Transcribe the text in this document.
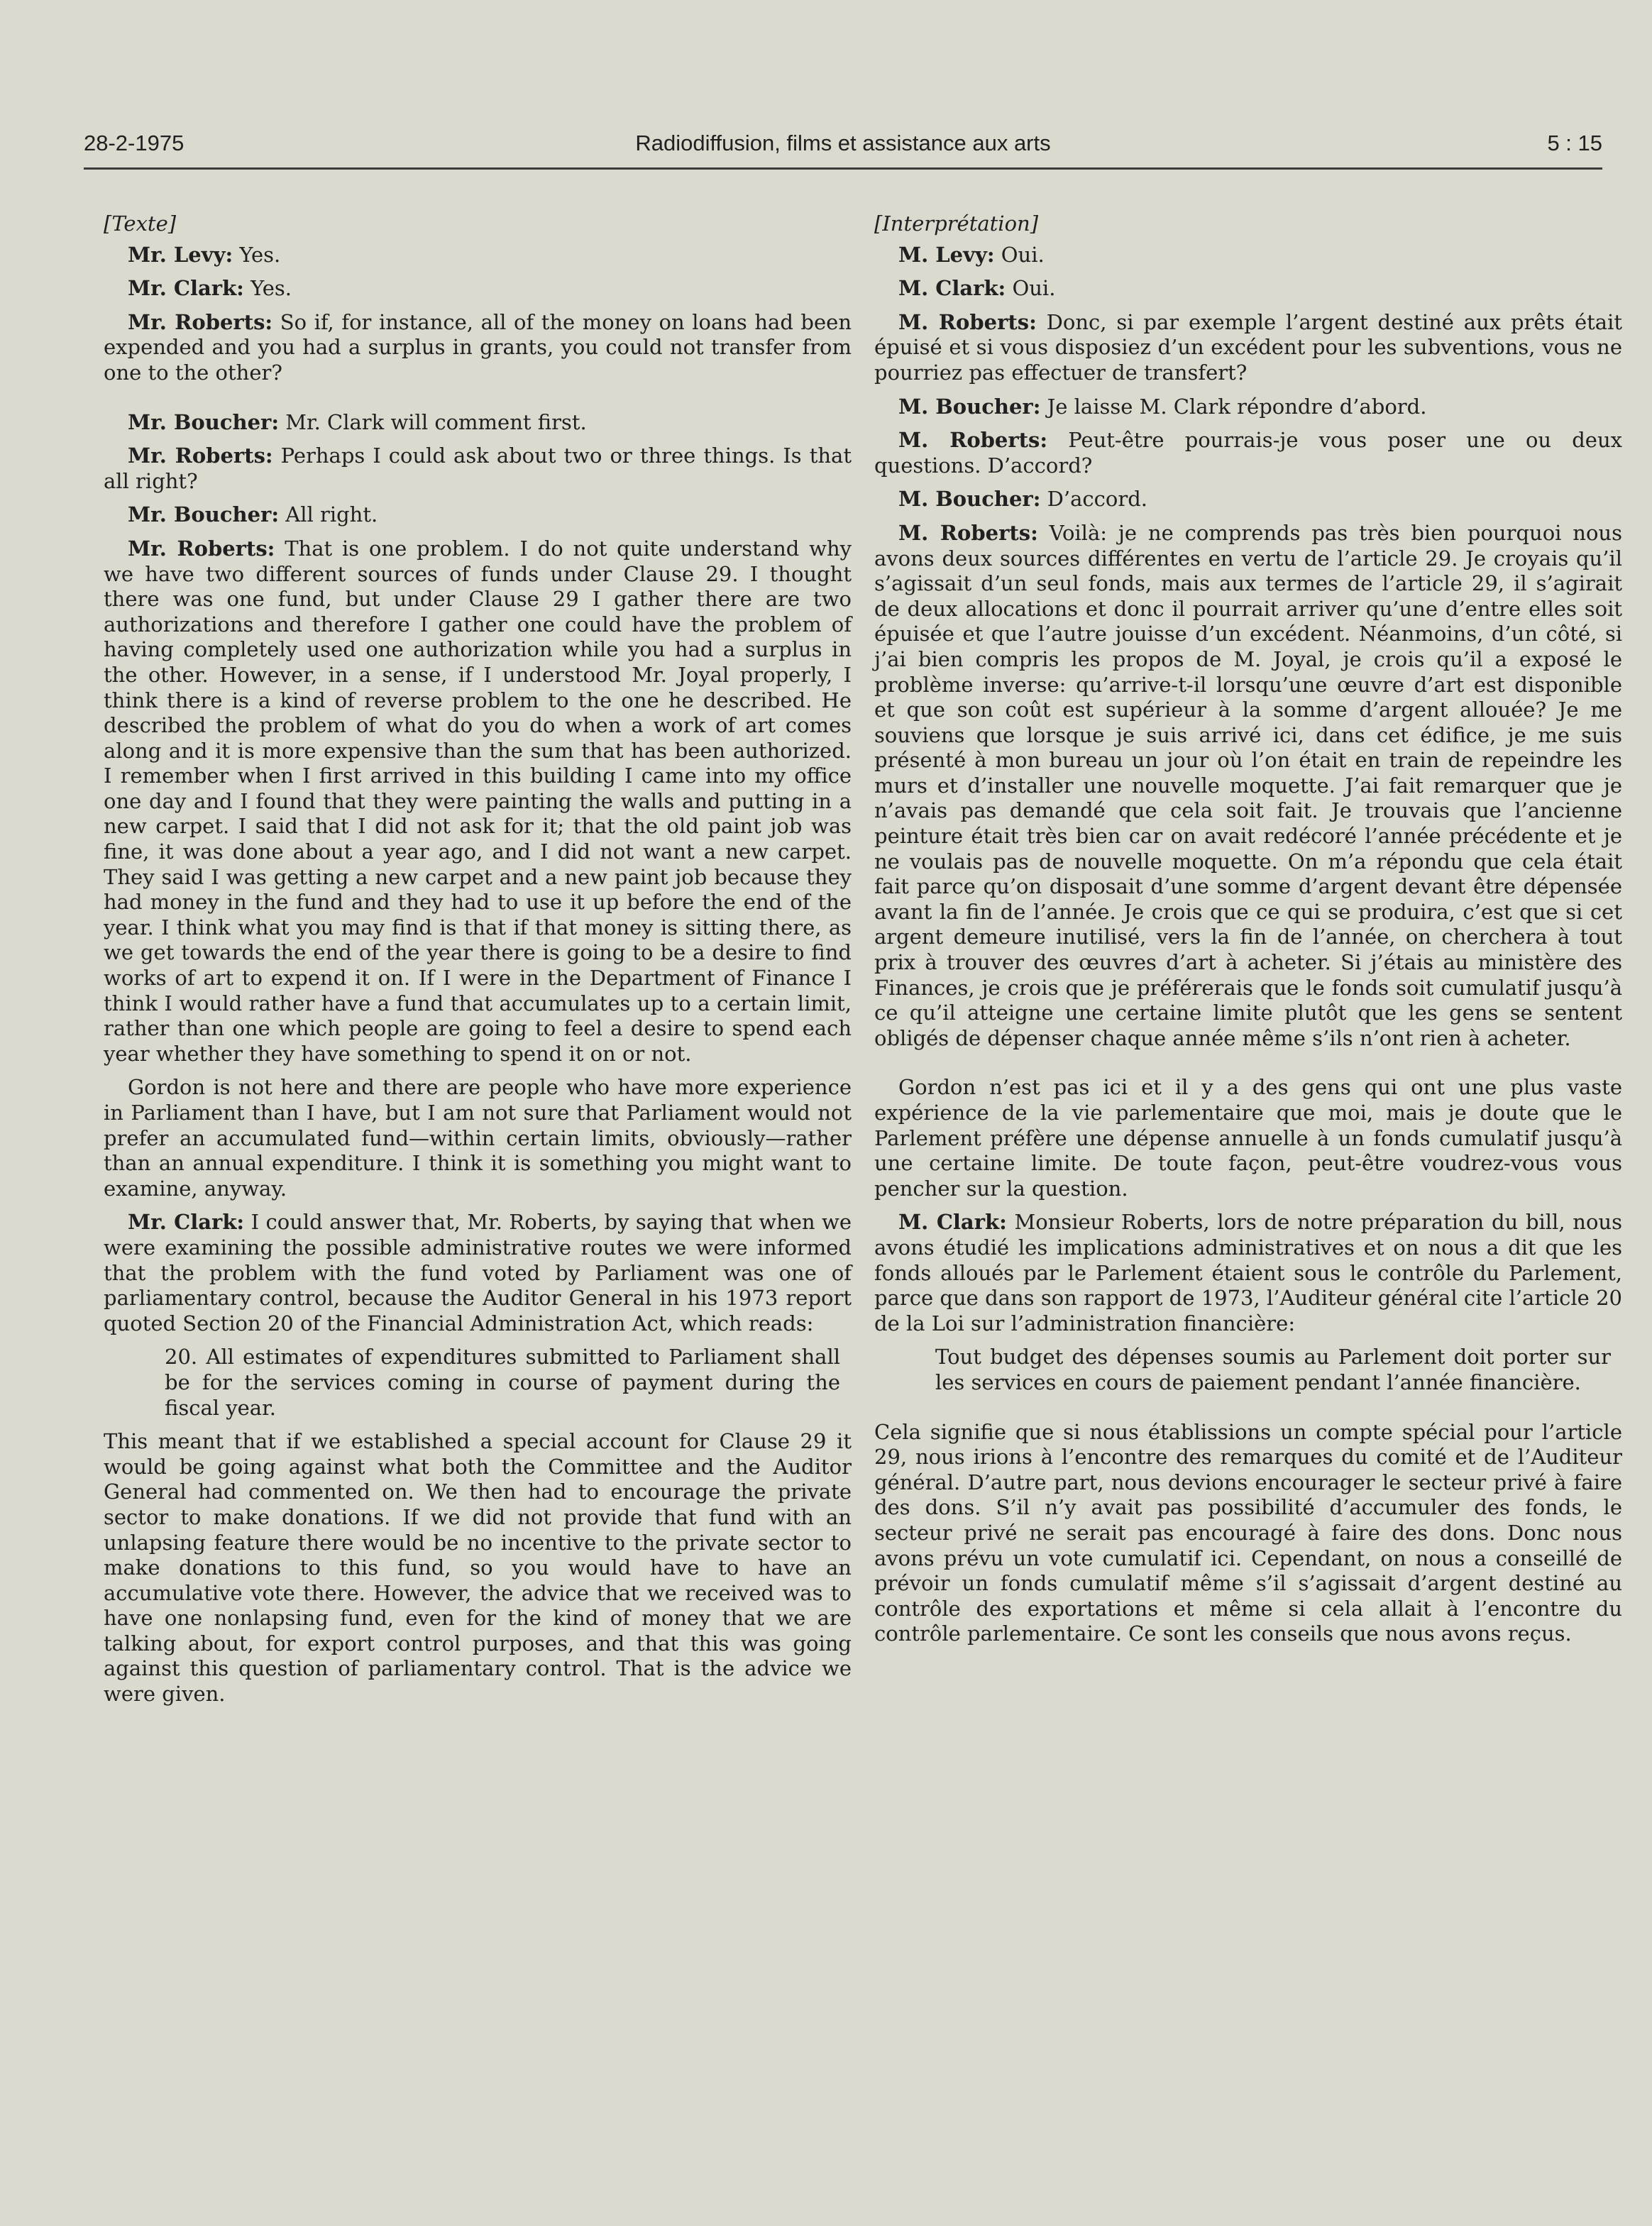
28-2-1975	Radiodiffusion, films et assistance aux arts	5 : 15

[Texte]

Mr. Levy: Yes.

Mr. Clark: Yes.

Mr. Roberts: So if, for instance, all of the money on loans had been expended and you had a surplus in grants, you could not transfer from one to the other?

Mr. Boucher: Mr. Clark will comment first.

Mr. Roberts: Perhaps I could ask about two or three things. Is that all right?

Mr. Boucher: All right.

Mr. Roberts: That is one problem. I do not quite understand why we have two different sources of funds under Clause 29. I thought there was one fund, but under Clause 29 I gather there are two authorizations and therefore I gather one could have the problem of having completely used one authorization while you had a surplus in the other. However, in a sense, if I understood Mr. Joyal properly, I think there is a kind of reverse problem to the one he described. He described the problem of what do you do when a work of art comes along and it is more expensive than the sum that has been authorized. I remember when I first arrived in this building I came into my office one day and I found that they were painting the walls and putting in a new carpet. I said that I did not ask for it; that the old paint job was fine, it was done about a year ago, and I did not want a new carpet. They said I was getting a new carpet and a new paint job because they had money in the fund and they had to use it up before the end of the year. I think what you may find is that if that money is sitting there, as we get towards the end of the year there is going to be a desire to find works of art to expend it on. If I were in the Department of Finance I think I would rather have a fund that accumulates up to a certain limit, rather than one which people are going to feel a desire to spend each year whether they have something to spend it on or not.

Gordon is not here and there are people who have more experience in Parliament than I have, but I am not sure that Parliament would not prefer an accumulated fund—within certain limits, obviously—rather than an annual expenditure. I think it is something you might want to examine, anyway.

Mr. Clark: I could answer that, Mr. Roberts, by saying that when we were examining the possible administrative routes we were informed that the problem with the fund voted by Parliament was one of parliamentary control, because the Auditor General in his 1973 report quoted Section 20 of the Financial Administration Act, which reads:

20. All estimates of expenditures submitted to Parliament shall be for the services coming in course of payment during the fiscal year.

This meant that if we established a special account for Clause 29 it would be going against what both the Committee and the Auditor General had commented on. We then had to encourage the private sector to make donations. If we did not provide that fund with an unlapsing feature there would be no incentive to the private sector to make donations to this fund, so you would have to have an accumulative vote there. However, the advice that we received was to have one nonlapsing fund, even for the kind of money that we are talking about, for export control purposes, and that this was going against this question of parliamentary control. That is the advice we were given.

[Interprétation]

M. Levy: Oui.

M. Clark: Oui.

M. Roberts: Donc, si par exemple l’argent destiné aux prêts était épuisé et si vous disposiez d’un excédent pour les subventions, vous ne pourriez pas effectuer de transfert?

M. Boucher: Je laisse M. Clark répondre d’abord.

M. Roberts: Peut-être pourrais-je vous poser une ou deux questions. D’accord?

M. Boucher: D’accord.

M. Roberts: Voilà: je ne comprends pas très bien pourquoi nous avons deux sources différentes en vertu de l’article 29. Je croyais qu’il s’agissait d’un seul fonds, mais aux termes de l’article 29, il s’agirait de deux allocations et donc il pourrait arriver qu’une d’entre elles soit épuisée et que l’autre jouisse d’un excédent. Néanmoins, d’un côté, si j’ai bien compris les propos de M. Joyal, je crois qu’il a exposé le problème inverse: qu’arrive-t-il lorsqu’une œuvre d’art est disponible et que son coût est supérieur à la somme d’argent allouée? Je me souviens que lorsque je suis arrivé ici, dans cet édifice, je me suis présenté à mon bureau un jour où l’on était en train de repeindre les murs et d’installer une nouvelle moquette. J’ai fait remarquer que je n’avais pas demandé que cela soit fait. Je trouvais que l’ancienne peinture était très bien car on avait redécoré l’année précédente et je ne voulais pas de nouvelle moquette. On m’a répondu que cela était fait parce qu’on disposait d’une somme d’argent devant être dépensée avant la fin de l’année. Je crois que ce qui se produira, c’est que si cet argent demeure inutilisé, vers la fin de l’année, on cherchera à tout prix à trouver des œuvres d’art à acheter. Si j’étais au ministère des Finances, je crois que je préférerais que le fonds soit cumulatif jusqu’à ce qu’il atteigne une certaine limite plutôt que les gens se sentent obligés de dépenser chaque année même s’ils n’ont rien à acheter.

Gordon n’est pas ici et il y a des gens qui ont une plus vaste expérience de la vie parlementaire que moi, mais je doute que le Parlement préfère une dépense annuelle à un fonds cumulatif jusqu’à une certaine limite. De toute façon, peut-être voudrez-vous vous pencher sur la question.

M. Clark: Monsieur Roberts, lors de notre préparation du bill, nous avons étudié les implications administratives et on nous a dit que les fonds alloués par le Parlement étaient sous le contrôle du Parlement, parce que dans son rapport de 1973, l’Auditeur général cite l’article 20 de la Loi sur l’administration financière:

Tout budget des dépenses soumis au Parlement doit porter sur les services en cours de paiement pendant l’année financière.

Cela signifie que si nous établissions un compte spécial pour l’article 29, nous irions à l’encontre des remarques du comité et de l’Auditeur général. D’autre part, nous devions encourager le secteur privé à faire des dons. S’il n’y avait pas possibilité d’accumuler des fonds, le secteur privé ne serait pas encouragé à faire des dons. Donc nous avons prévu un vote cumulatif ici. Cependant, on nous a conseillé de prévoir un fonds cumulatif même s’il s’agissait d’argent destiné au contrôle des exportations et même si cela allait à l’encontre du contrôle parlementaire. Ce sont les conseils que nous avons reçus.
